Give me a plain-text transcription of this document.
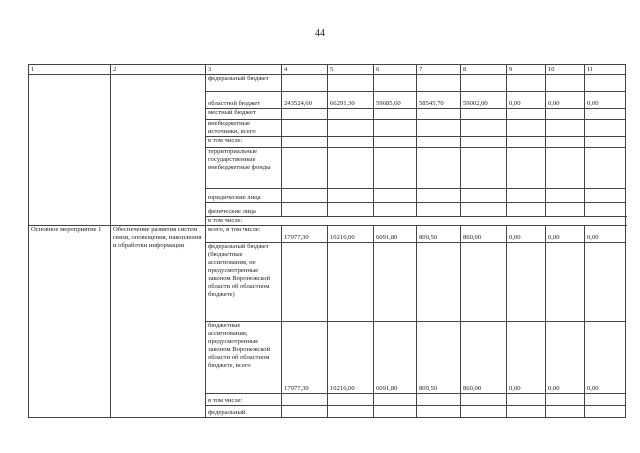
44
1	2	3	4	5	6	7	8	9	10	11
		федеральный бюджет								
		областной бюджет	243524,60	66291,30	59685,60	58545,70	59002,00	0,00	0,00	0,00
		местный бюджет								
		внебюджетные источники, всего								
		в том числе:								
		территориальные государственные внебюджетные фонды								
		юридические лица								
		физические лица								
		в том числе:								
Основное мероприятие 1	Обеспечение развития систем связи, оповещения, накопления и обработки информации	всего, в том числе:	17977,30	10216,00	6091,80	809,50	860,00	0,00	0,00	0,00
		федеральный бюджет (бюджетные ассигнования, не предусмотренные законом Воронежской области об областном бюджете)								
		бюджетные ассигнования, предусмотренные законом Воронежской области об областном бюджете, всего	17977,30	10216,00	6091,80	809,50	860,00	0,00	0,00	0,00
		в том числе:								
		федеральный								
